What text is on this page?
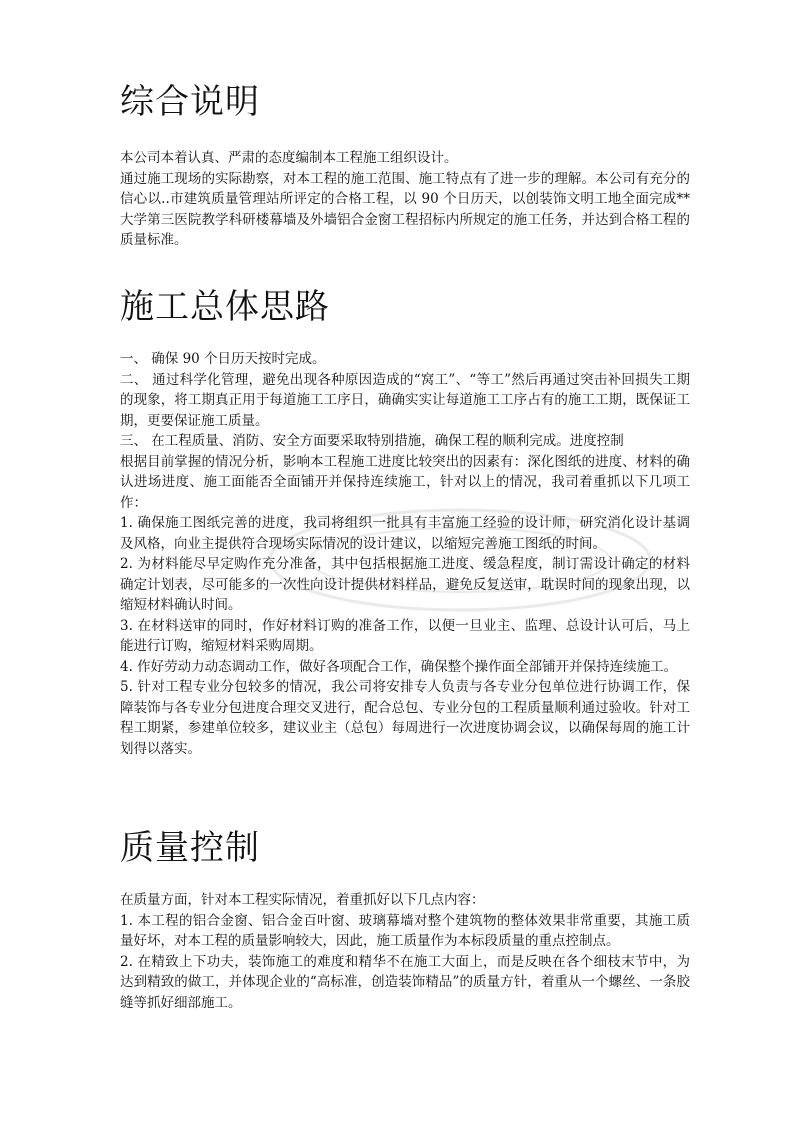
综合说明

本公司本着认真、严肃的态度编制本工程施工组织设计。

通过施工现场的实际勘察，对本工程的施工范围、施工特点有了进一步的理解。本公司有充分的信心以..市建筑质量管理站所评定的合格工程，以 90 个日历天，以创装饰文明工地全面完成**大学第三医院教学科研楼幕墙及外墙铝合金窗工程招标内所规定的施工任务，并达到合格工程的质量标准。

施工总体思路

一、 确保 90 个日历天按时完成。

二、 通过科学化管理，避免出现各种原因造成的“窝工”、“等工”然后再通过突击补回损失工期的现象，将工期真正用于每道施工工序日，确确实实让每道施工工序占有的施工工期，既保证工期，更要保证施工质量。

三、 在工程质量、消防、安全方面要采取特别措施，确保工程的顺利完成。进度控制

根据目前掌握的情况分析，影响本工程施工进度比较突出的因素有：深化图纸的进度、材料的确认进场进度、施工面能否全面铺开并保持连续施工，针对以上的情况，我司着重抓以下几项工作：

1. 确保施工图纸完善的进度，我司将组织一批具有丰富施工经验的设计师，研究消化设计基调及风格，向业主提供符合现场实际情况的设计建议，以缩短完善施工图纸的时间。

2. 为材料能尽早定购作充分准备，其中包括根据施工进度、缓急程度，制订需设计确定的材料确定计划表，尽可能多的一次性向设计提供材料样品，避免反复送审，耽误时间的现象出现，以缩短材料确认时间。

3. 在材料送审的同时，作好材料订购的准备工作，以便一旦业主、监理、总设计认可后，马上能进行订购，缩短材料采购周期。

4. 作好劳动力动态调动工作，做好各项配合工作，确保整个操作面全部铺开并保持连续施工。

5. 针对工程专业分包较多的情况，我公司将安排专人负责与各专业分包单位进行协调工作，保障装饰与各专业分包进度合理交叉进行，配合总包、专业分包的工程质量顺利通过验收。针对工程工期紧，参建单位较多，建议业主（总包）每周进行一次进度协调会议，以确保每周的施工计划得以落实。

质量控制

在质量方面，针对本工程实际情况，着重抓好以下几点内容：

1. 本工程的铝合金窗、铝合金百叶窗、玻璃幕墙对整个建筑物的整体效果非常重要，其施工质量好坏，对本工程的质量影响较大，因此，施工质量作为本标段质量的重点控制点。

2. 在精致上下功夫，装饰施工的难度和精华不在施工大面上，而是反映在各个细枝末节中，为达到精致的做工，并体现企业的“高标准，创造装饰精品”的质量方针，着重从一个螺丝、一条胶缝等抓好细部施工。
